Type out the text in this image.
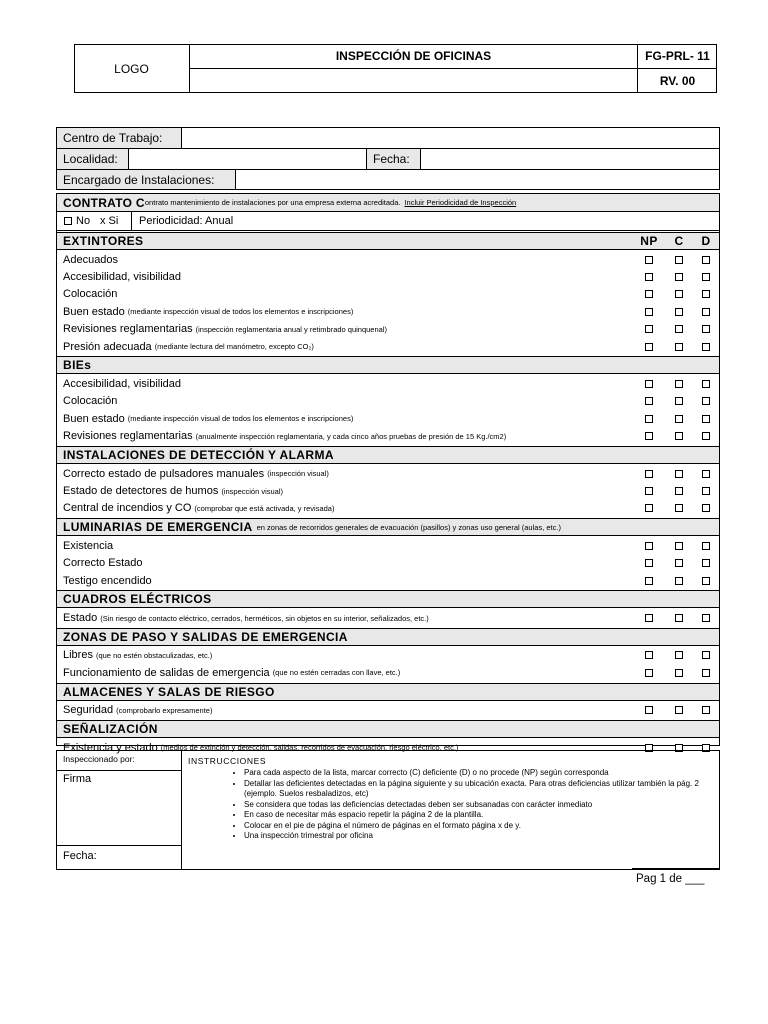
LOGO
INSPECCIÓN DE OFICINAS	FG-PRL- 11
RV. 00
Centro de Trabajo:
Localidad:	Fecha:
Encargado de Instalaciones:
CONTRATO C ontrato mantenimiento de instalaciones por una empresa externa acreditada. Incluir Periodicidad de Inspección
No x Si Periodicidad: Anual
EXTINTORES	NP	C	D
Adecuados
Accesibilidad, visibilidad
Colocación
Buen estado (mediante inspección visual de todos los elementos e inscripciones)
Revisiones reglamentarias (inspección reglamentaria anual y retimbrado quinquenal)
Presión adecuada (mediante lectura del manómetro, excepto CO₂)
BIEs
Accesibilidad, visibilidad
Colocación
Buen estado (mediante inspección visual de todos los elementos e inscripciones)
Revisiones reglamentarias (anualmente inspección reglamentaria, y cada cinco años pruebas de presión de 15 Kg./cm2)
INSTALACIONES DE DETECCIÓN Y ALARMA
Correcto estado de pulsadores manuales (inspección visual)
Estado de detectores de humos (inspección visual)
Central de incendios y CO (comprobar que está activada, y revisada)
LUMINARIAS DE EMERGENCIA en zonas de recorridos generales de evacuación (pasillos) y zonas uso general (aulas, etc.)
Existencia
Correcto Estado
Testigo encendido
CUADROS ELÉCTRICOS
Estado (Sin riesgo de contacto eléctrico, cerrados, herméticos, sin objetos en su interior, señalizados, etc.)
ZONAS DE PASO Y SALIDAS DE EMERGENCIA
Libres (que no estén obstaculizadas, etc.)
Funcionamiento de salidas de emergencia (que no estén cerradas con llave, etc.)
ALMACENES Y SALAS DE RIESGO
Seguridad (comprobarlo expresamente)
SEÑALIZACIÓN
Existencia y estado (medios de extinción y detección, salidas, recorridos de evacuación, riesgo eléctrico, etc.)
Inspeccionado por:
Firma
Fecha:
INSTRUCCIONES
• Para cada aspecto de la lista, marcar correcto (C) deficiente (D) o no procede (NP) según corresponda
• Detallar las deficientes detectadas en la página siguiente y su ubicación exacta. Para otras deficiencias utilizar también la pág. 2 (ejemplo. Suelos resbaladizos, etc)
• Se considera que todas las deficiencias detectadas deben ser subsanadas con carácter inmediato
• En caso de necesitar más espacio repetir la página 2 de la plantilla.
• Colocar en el pie de página el número de páginas en el formato página x de y.
• Una inspección trimestral por oficina
Pag 1 de ___
